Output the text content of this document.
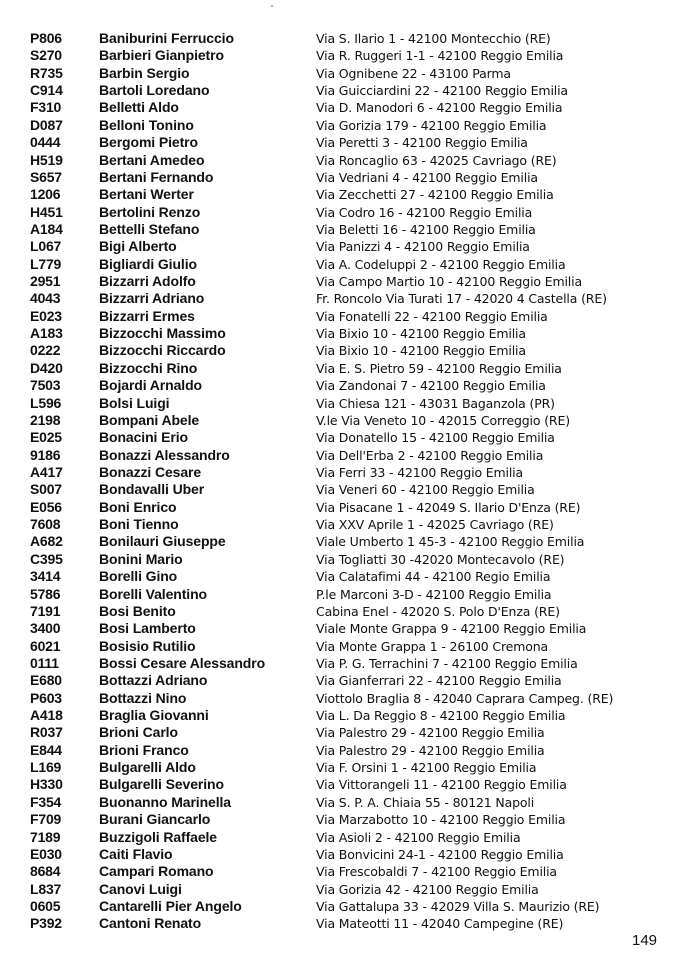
P806	Baniburini Ferruccio	Via S. Ilario 1 - 42100 Montecchio (RE)
S270	Barbieri Gianpietro	Via R. Ruggeri 1-1 - 42100 Reggio Emilia
R735	Barbin Sergio	Via Ognibene 22 - 43100 Parma
C914	Bartoli Loredano	Via Guicciardini 22 - 42100 Reggio Emilia
F310	Belletti Aldo	Via D. Manodori 6 - 42100 Reggio Emilia
D087	Belloni Tonino	Via Gorizia 179 - 42100 Reggio Emilia
0444	Bergomi Pietro	Via Peretti 3 - 42100 Reggio Emilia
H519	Bertani Amedeo	Via Roncaglio 63 - 42025 Cavriago (RE)
S657	Bertani Fernando	Via Vedriani 4 - 42100 Reggio Emilia
1206	Bertani Werter	Via Zecchetti 27 - 42100 Reggio Emilia
H451	Bertolini Renzo	Via Codro 16 - 42100 Reggio Emilia
A184	Bettelli Stefano	Via Beletti 16 - 42100 Reggio Emilia
L067	Bigi Alberto	Via Panizzi 4 - 42100 Reggio Emilia
L779	Bigliardi Giulio	Via A. Codeluppi 2 - 42100 Reggio Emilia
2951	Bizzarri Adolfo	Via Campo Martio 10 - 42100 Reggio Emilia
4043	Bizzarri Adriano	Fr. Roncolo Via Turati 17 - 42020 4 Castella (RE)
E023	Bizzarri Ermes	Via Fonatelli 22 - 42100 Reggio Emilia
A183	Bizzocchi Massimo	Via Bixio 10 - 42100 Reggio Emilia
0222	Bizzocchi Riccardo	Via Bixio 10 - 42100 Reggio Emilia
D420	Bizzocchi Rino	Via E. S. Pietro 59 - 42100 Reggio Emilia
7503	Bojardi Arnaldo	Via Zandonai 7 - 42100 Reggio Emilia
L596	Bolsi Luigi	Via Chiesa 121 - 43031 Baganzola (PR)
2198	Bompani Abele	V.le Via Veneto 10 - 42015 Correggio (RE)
E025	Bonacini Erio	Via Donatello 15 - 42100 Reggio Emilia
9186	Bonazzi Alessandro	Via Dell'Erba 2 - 42100 Reggio Emilia
A417	Bonazzi Cesare	Via Ferri 33 - 42100 Reggio Emilia
S007	Bondavalli Uber	Via Veneri 60 - 42100 Reggio Emilia
E056	Boni Enrico	Via Pisacane 1 - 42049 S. Ilario D'Enza (RE)
7608	Boni Tienno	Via XXV Aprile 1 - 42025 Cavriago (RE)
A682	Bonilauri Giuseppe	Viale Umberto 1 45-3 - 42100 Reggio Emilia
C395	Bonini Mario	Via Togliatti 30 -42020 Montecavolo (RE)
3414	Borelli Gino	Via Calatafimi 44 - 42100 Regio Emilia
5786	Borelli Valentino	P.le Marconi 3-D - 42100 Reggio Emilia
7191	Bosi Benito	Cabina Enel - 42020 S. Polo D'Enza (RE)
3400	Bosi Lamberto	Viale Monte Grappa 9 - 42100 Reggio Emilia
6021	Bosisio Rutilio	Via Monte Grappa 1 - 26100 Cremona
0111	Bossi Cesare Alessandro	Via P. G. Terrachini 7 - 42100 Reggio Emilia
E680	Bottazzi Adriano	Via Gianferrari 22 - 42100 Reggio Emilia
P603	Bottazzi Nino	Viottolo Braglia 8 - 42040 Caprara Campeg. (RE)
A418	Braglia Giovanni	Via L. Da Reggio 8 - 42100 Reggio Emilia
R037	Brioni Carlo	Via Palestro 29 - 42100 Reggio Emilia
E844	Brioni Franco	Via Palestro 29 - 42100 Reggio Emilia
L169	Bulgarelli Aldo	Via F. Orsini 1 - 42100 Reggio Emilia
H330	Bulgarelli Severino	Via Vittorangeli 11 - 42100 Reggio Emilia
F354	Buonanno Marinella	Via S. P. A. Chiaia 55 - 80121 Napoli
F709	Burani Giancarlo	Via Marzabotto 10 - 42100 Reggio Emilia
7189	Buzzigoli Raffaele	Via Asioli 2 - 42100 Reggio Emilia
E030	Caiti Flavio	Via Bonvicini 24-1 - 42100 Reggio Emilia
8684	Campari Romano	Via Frescobaldi 7 - 42100 Reggio Emilia
L837	Canovi Luigi	Via Gorizia 42 - 42100 Reggio Emilia
0605	Cantarelli Pier Angelo	Via Gattalupa 33 - 42029 Villa S. Maurizio (RE)
P392	Cantoni Renato	Via Mateotti 11 - 42040 Campegine (RE)
149
